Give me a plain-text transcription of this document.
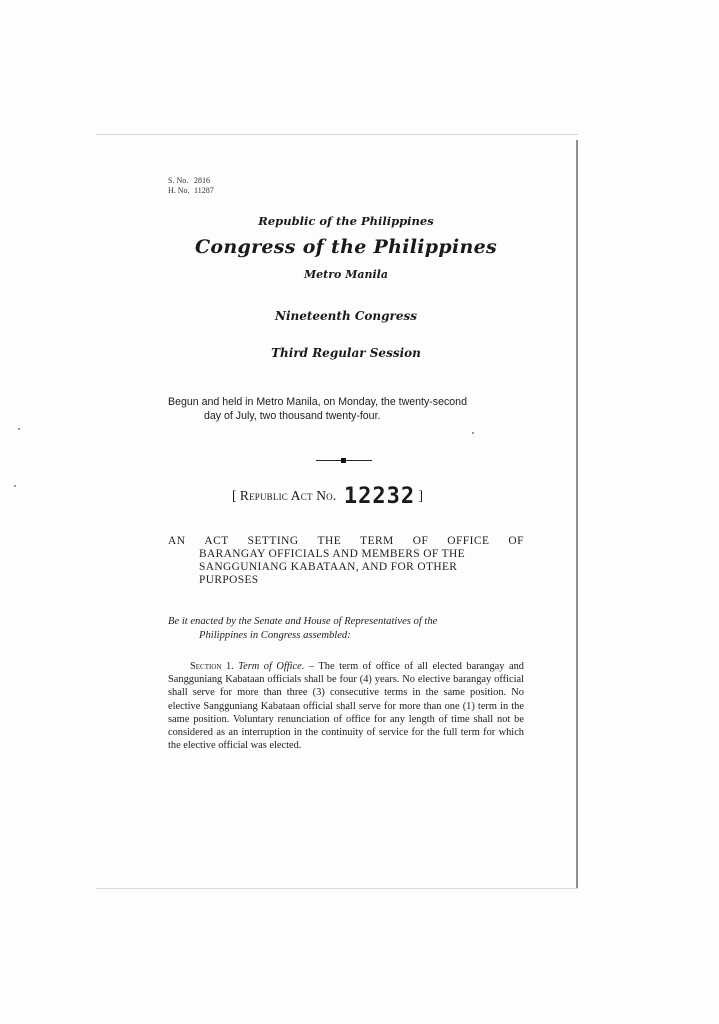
S. No. 2816
H. No. 11287
Republic of the Philippines
Congress of the Philippines
Metro Manila
Nineteenth Congress
Third Regular Session
Begun and held in Metro Manila, on Monday, the twenty-second
day of July, two thousand twenty-four.
[ Republic Act No. 12232 ]
AN ACT SETTING THE TERM OF OFFICE OF
BARANGAY OFFICIALS AND MEMBERS OF THE
SANGGUNIANG KABATAAN, AND FOR OTHER
PURPOSES
Be it enacted by the Senate and House of Representatives of the
Philippines in Congress assembled:
Section 1. Term of Office. – The term of office of all elected barangay and Sangguniang Kabataan officials shall be four (4) years. No elective barangay official shall serve for more than three (3) consecutive terms in the same position. No elective Sangguniang Kabataan official shall serve for more than one (1) term in the same position. Voluntary renunciation of office for any length of time shall not be considered as an interruption in the continuity of service for the full term for which the elective official was elected.
